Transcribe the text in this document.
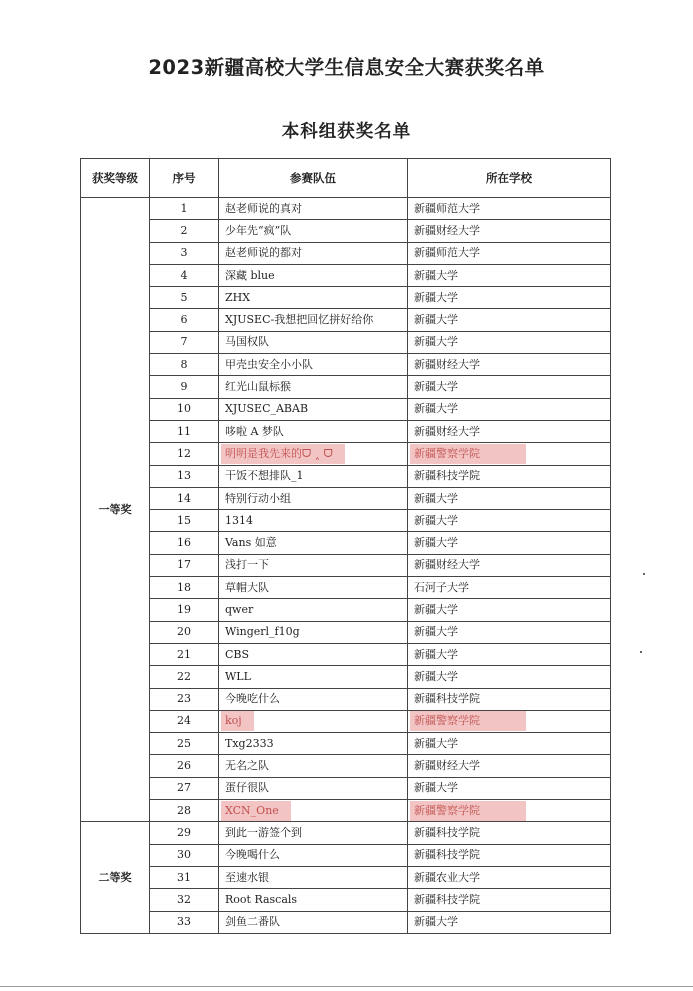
2023新疆高校大学生信息安全大赛获奖名单
本科组获奖名单
获奖等级	序号	参赛队伍	所在学校
一等奖	1	赵老师说的真对	新疆师范大学
	2	少年先“疯”队	新疆财经大学
	3	赵老师说的都对	新疆师范大学
	4	深藏 blue	新疆大学
	5	ZHX	新疆大学
	6	XJUSEC-我想把回忆拼好给你	新疆大学
	7	马国权队	新疆大学
	8	甲壳虫安全小小队	新疆财经大学
	9	红光山鼠标猴	新疆大学
	10	XJUSEC_ABAB	新疆大学
	11	哆啦 A 梦队	新疆财经大学
	12	明明是我先来的ᗜ ˰ ᗜ	新疆警察学院
	13	干饭不想排队_1	新疆科技学院
	14	特别行动小组	新疆大学
	15	1314	新疆大学
	16	Vans 如意	新疆大学
	17	浅打一下	新疆财经大学
	18	草帽大队	石河子大学
	19	qwer	新疆大学
	20	Wingerl_f10g	新疆大学
	21	CBS	新疆大学
	22	WLL	新疆大学
	23	今晚吃什么	新疆科技学院
	24	koj	新疆警察学院
	25	Txg2333	新疆大学
	26	无名之队	新疆财经大学
	27	蛋仔很队	新疆大学
	28	XCN_One	新疆警察学院
二等奖	29	到此一游签个到	新疆科技学院
	30	今晚喝什么	新疆科技学院
	31	至速水银	新疆农业大学
	32	Root Rascals	新疆科技学院
	33	剑鱼二番队	新疆大学
